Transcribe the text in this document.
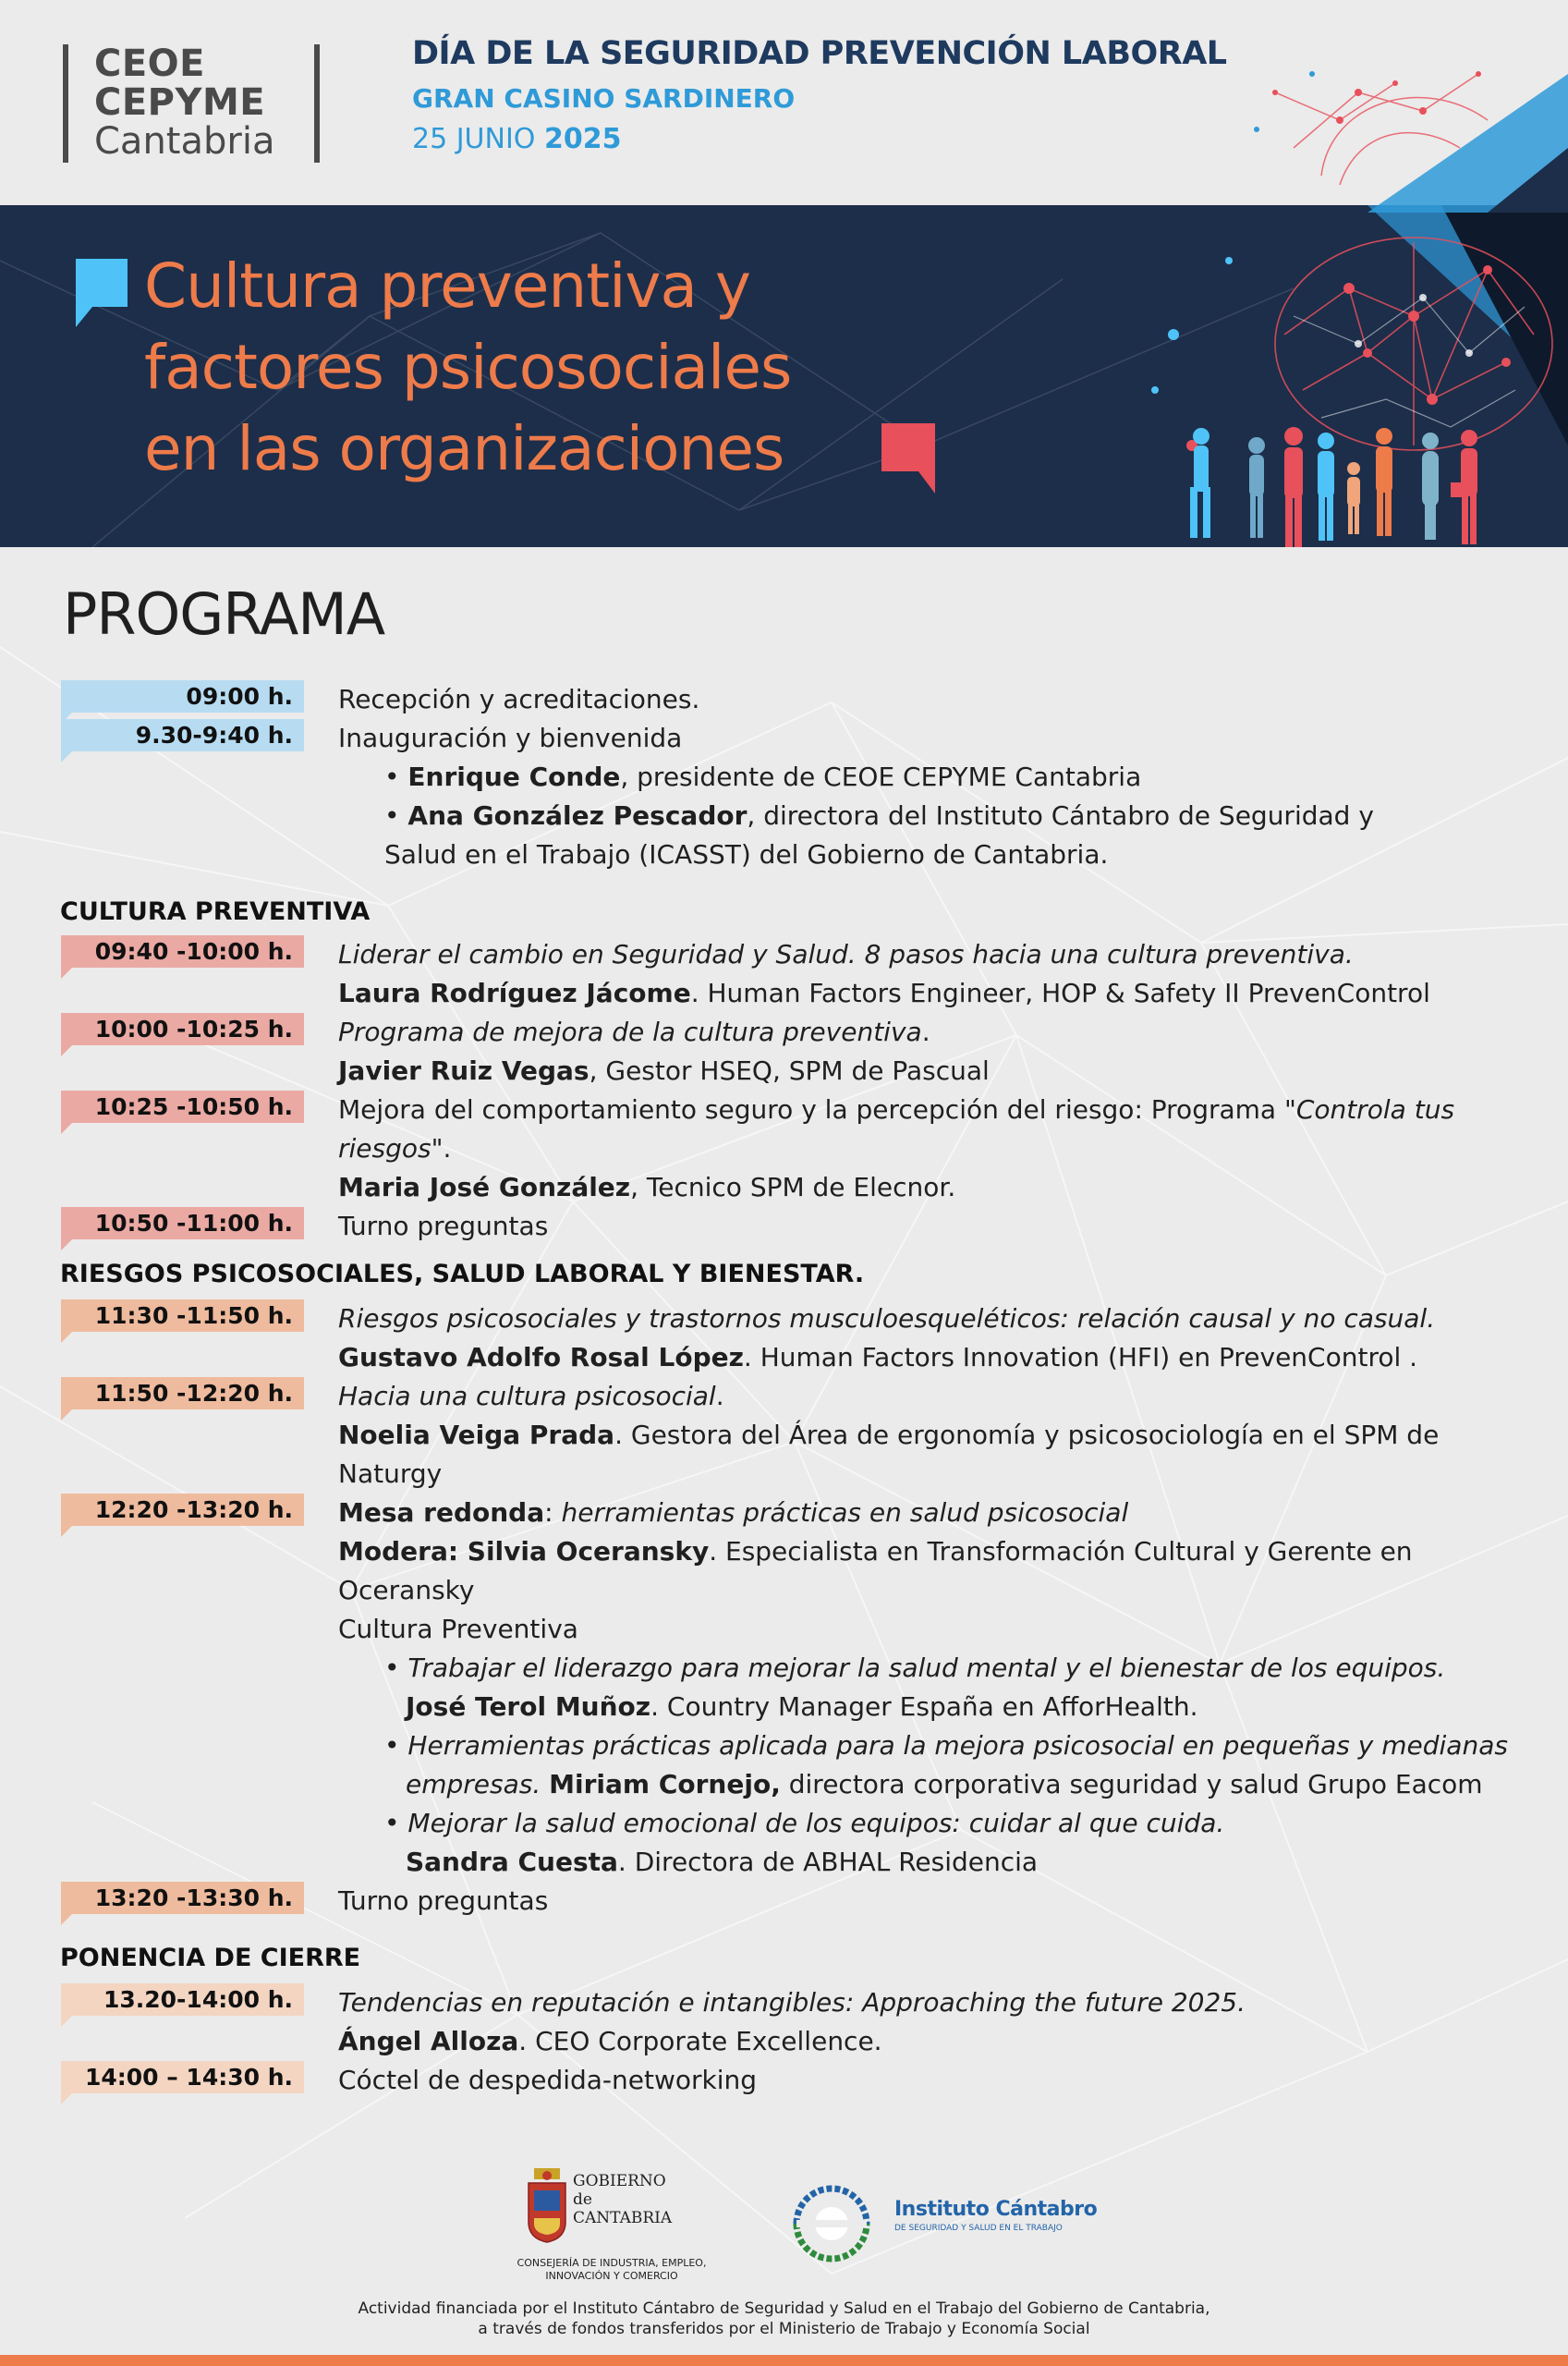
CEOE
CEPYME
Cantabria
DÍA DE LA SEGURIDAD PREVENCIÓN LABORAL
GRAN CASINO SARDINERO
25 JUNIO 2025
Cultura preventiva y
factores psicosociales
en las organizaciones
PROGRAMA
09:00 h.	Recepción y acreditaciones.
9.30-9:40 h.	Inauguración y bienvenida
• Enrique Conde, presidente de CEOE CEPYME Cantabria
• Ana González Pescador, directora del Instituto Cántabro de Seguridad y
Salud en el Trabajo (ICASST) del Gobierno de Cantabria.
CULTURA PREVENTIVA
09:40 -10:00 h.	Liderar el cambio en Seguridad y Salud. 8 pasos hacia una cultura preventiva.
Laura Rodríguez Jácome. Human Factors Engineer, HOP & Safety II PrevenControl
10:00 -10:25 h.	Programa de mejora de la cultura preventiva.
Javier Ruiz Vegas, Gestor HSEQ, SPM de Pascual
10:25 -10:50 h.	Mejora del comportamiento seguro y la percepción del riesgo: Programa "Controla tus
riesgos".
Maria José González, Tecnico SPM de Elecnor.
10:50 -11:00 h.	Turno preguntas
RIESGOS PSICOSOCIALES, SALUD LABORAL Y BIENESTAR.
11:30 -11:50 h.	Riesgos psicosociales y trastornos musculoesqueléticos: relación causal y no casual.
Gustavo Adolfo Rosal López. Human Factors Innovation (HFI) en PrevenControl .
11:50 -12:20 h.	Hacia una cultura psicosocial.
Noelia Veiga Prada. Gestora del Área de ergonomía y psicosociología en el SPM de
Naturgy
12:20 -13:20 h.	Mesa redonda: herramientas prácticas en salud psicosocial
Modera: Silvia Oceransky. Especialista en Transformación Cultural y Gerente en Oceransky
Cultura Preventiva
• Trabajar el liderazgo para mejorar la salud mental y el bienestar de los equipos.
José Terol Muñoz. Country Manager España en AfforHealth.
• Herramientas prácticas aplicada para la mejora psicosocial en pequeñas y medianas
empresas. Miriam Cornejo, directora corporativa seguridad y salud Grupo Eacom
• Mejorar la salud emocional de los equipos: cuidar al que cuida.
Sandra Cuesta. Directora de ABHAL Residencia
13:20 -13:30 h.	Turno preguntas
PONENCIA DE CIERRE
13.20-14:00 h.	Tendencias en reputación e intangibles: Approaching the future 2025.
Ángel Alloza. CEO Corporate Excellence.
14:00 – 14:30 h.	Cóctel de despedida-networking
GOBIERNO
de
CANTABRIA
CONSEJERÍA DE INDUSTRIA, EMPLEO,
INNOVACIÓN Y COMERCIO
Instituto Cántabro
DE SEGURIDAD Y SALUD EN EL TRABAJO
Actividad financiada por el Instituto Cántabro de Seguridad y Salud en el Trabajo del Gobierno de Cantabria,
a través de fondos transferidos por el Ministerio de Trabajo y Economía Social
